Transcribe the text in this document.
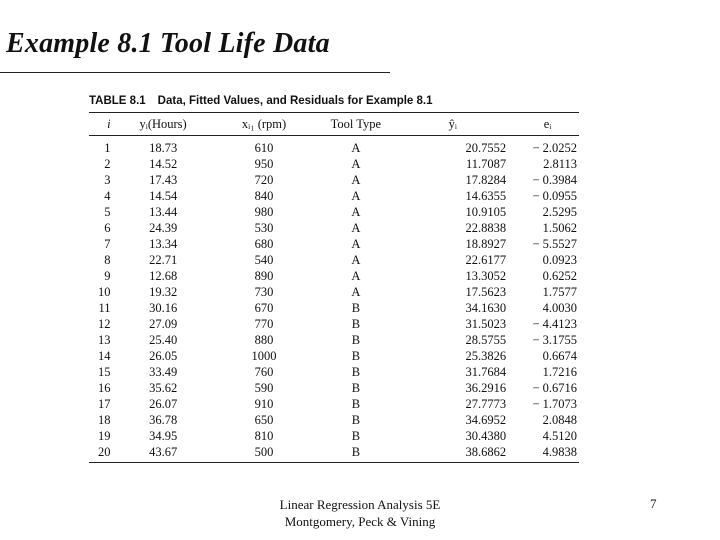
Example 8.1 Tool Life Data
TABLE 8.1 Data, Fitted Values, and Residuals for Example 8.1
i	yᵢ(Hours)	xᵢ₁ (rpm)	Tool Type	ŷᵢ	eᵢ
1	18.73	610	A	20.7552	− 2.0252
2	14.52	950	A	11.7087	2.8113
3	17.43	720	A	17.8284	− 0.3984
4	14.54	840	A	14.6355	− 0.0955
5	13.44	980	A	10.9105	2.5295
6	24.39	530	A	22.8838	1.5062
7	13.34	680	A	18.8927	− 5.5527
8	22.71	540	A	22.6177	0.0923
9	12.68	890	A	13.3052	0.6252
10	19.32	730	A	17.5623	1.7577
11	30.16	670	B	34.1630	4.0030
12	27.09	770	B	31.5023	− 4.4123
13	25.40	880	B	28.5755	− 3.1755
14	26.05	1000	B	25.3826	0.6674
15	33.49	760	B	31.7684	1.7216
16	35.62	590	B	36.2916	− 0.6716
17	26.07	910	B	27.7773	− 1.7073
18	36.78	650	B	34.6952	2.0848
19	34.95	810	B	30.4380	4.5120
20	43.67	500	B	38.6862	4.9838
Linear Regression Analysis 5E
Montgomery, Peck & Vining
7
